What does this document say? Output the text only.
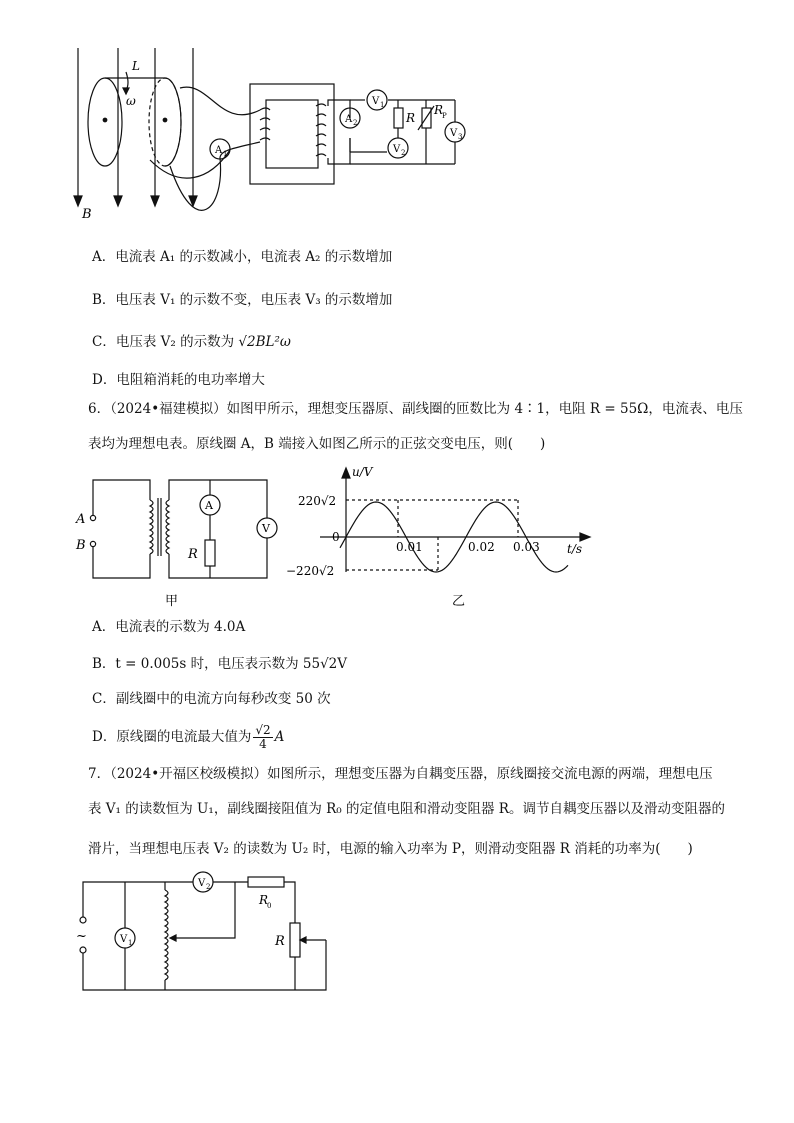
L
ω
B
A 1
V 1
A 2
V 2
V 3
R
R
P
A．电流表 A₁ 的示数减小，电流表 A₂ 的示数增加
B．电压表 V₁ 的示数不变，电压表 V₃ 的示数增加
C．电压表 V₂ 的示数为 √2BL²ω
D．电阻箱消耗的电功率增大
6．（2024•福建模拟）如图甲所示，理想变压器原、副线圈的匝数比为 4∶1，电阻 R = 55Ω，电流表、电压
表均为理想电表。原线圈 A，B 端接入如图乙所示的正弦交变电压，则(　　)
A
B
A
V
R
甲
u/V
220√2
0
−220√2
0.01	0.02 0.03 t/s
乙
A．电流表的示数为 4.0A
B．t = 0.005s 时，电压表示数为 55√2V
C．副线圈中的电流方向每秒改变 50 次
D．原线圈的电流最大值为 $\frac{√2}{4}$ A
7．（2024•开福区校级模拟）如图所示，理想变压器为自耦变压器，原线圈接交流电源的两端，理想电压
表 V₁ 的读数恒为 U₁，副线圈接阻值为 R₀ 的定值电阻和滑动变阻器 R。调节自耦变压器以及滑动变阻器的
滑片，当理想电压表 V₂ 的读数为 U₂ 时，电源的输入功率为 P，则滑动变阻器 R 消耗的功率为(　　)
~	V 1
V 2
R
0
R
